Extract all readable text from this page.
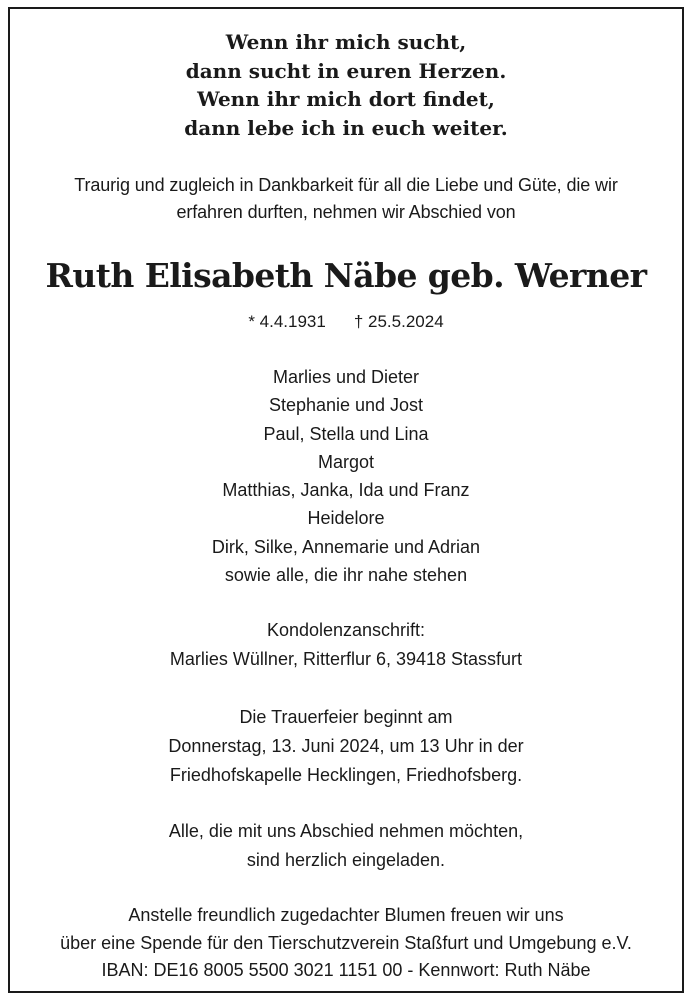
Wenn ihr mich sucht,
dann sucht in euren Herzen.
Wenn ihr mich dort findet,
dann lebe ich in euch weiter.
Traurig und zugleich in Dankbarkeit für all die Liebe und Güte, die wir
erfahren durften, nehmen wir Abschied von
Ruth Elisabeth Näbe geb. Werner
* 4.4.1931 † 25.5.2024
Marlies und Dieter
Stephanie und Jost
Paul, Stella und Lina
Margot
Matthias, Janka, Ida und Franz
Heidelore
Dirk, Silke, Annemarie und Adrian
sowie alle, die ihr nahe stehen
Kondolenzanschrift:
Marlies Wüllner, Ritterflur 6, 39418 Stassfurt
Die Trauerfeier beginnt am
Donnerstag, 13. Juni 2024, um 13 Uhr in der
Friedhofskapelle Hecklingen, Friedhofsberg.
Alle, die mit uns Abschied nehmen möchten,
sind herzlich eingeladen.
Anstelle freundlich zugedachter Blumen freuen wir uns
über eine Spende für den Tierschutzverein Staßfurt und Umgebung e.V.
IBAN: DE16 8005 5500 3021 1151 00 - Kennwort: Ruth Näbe
